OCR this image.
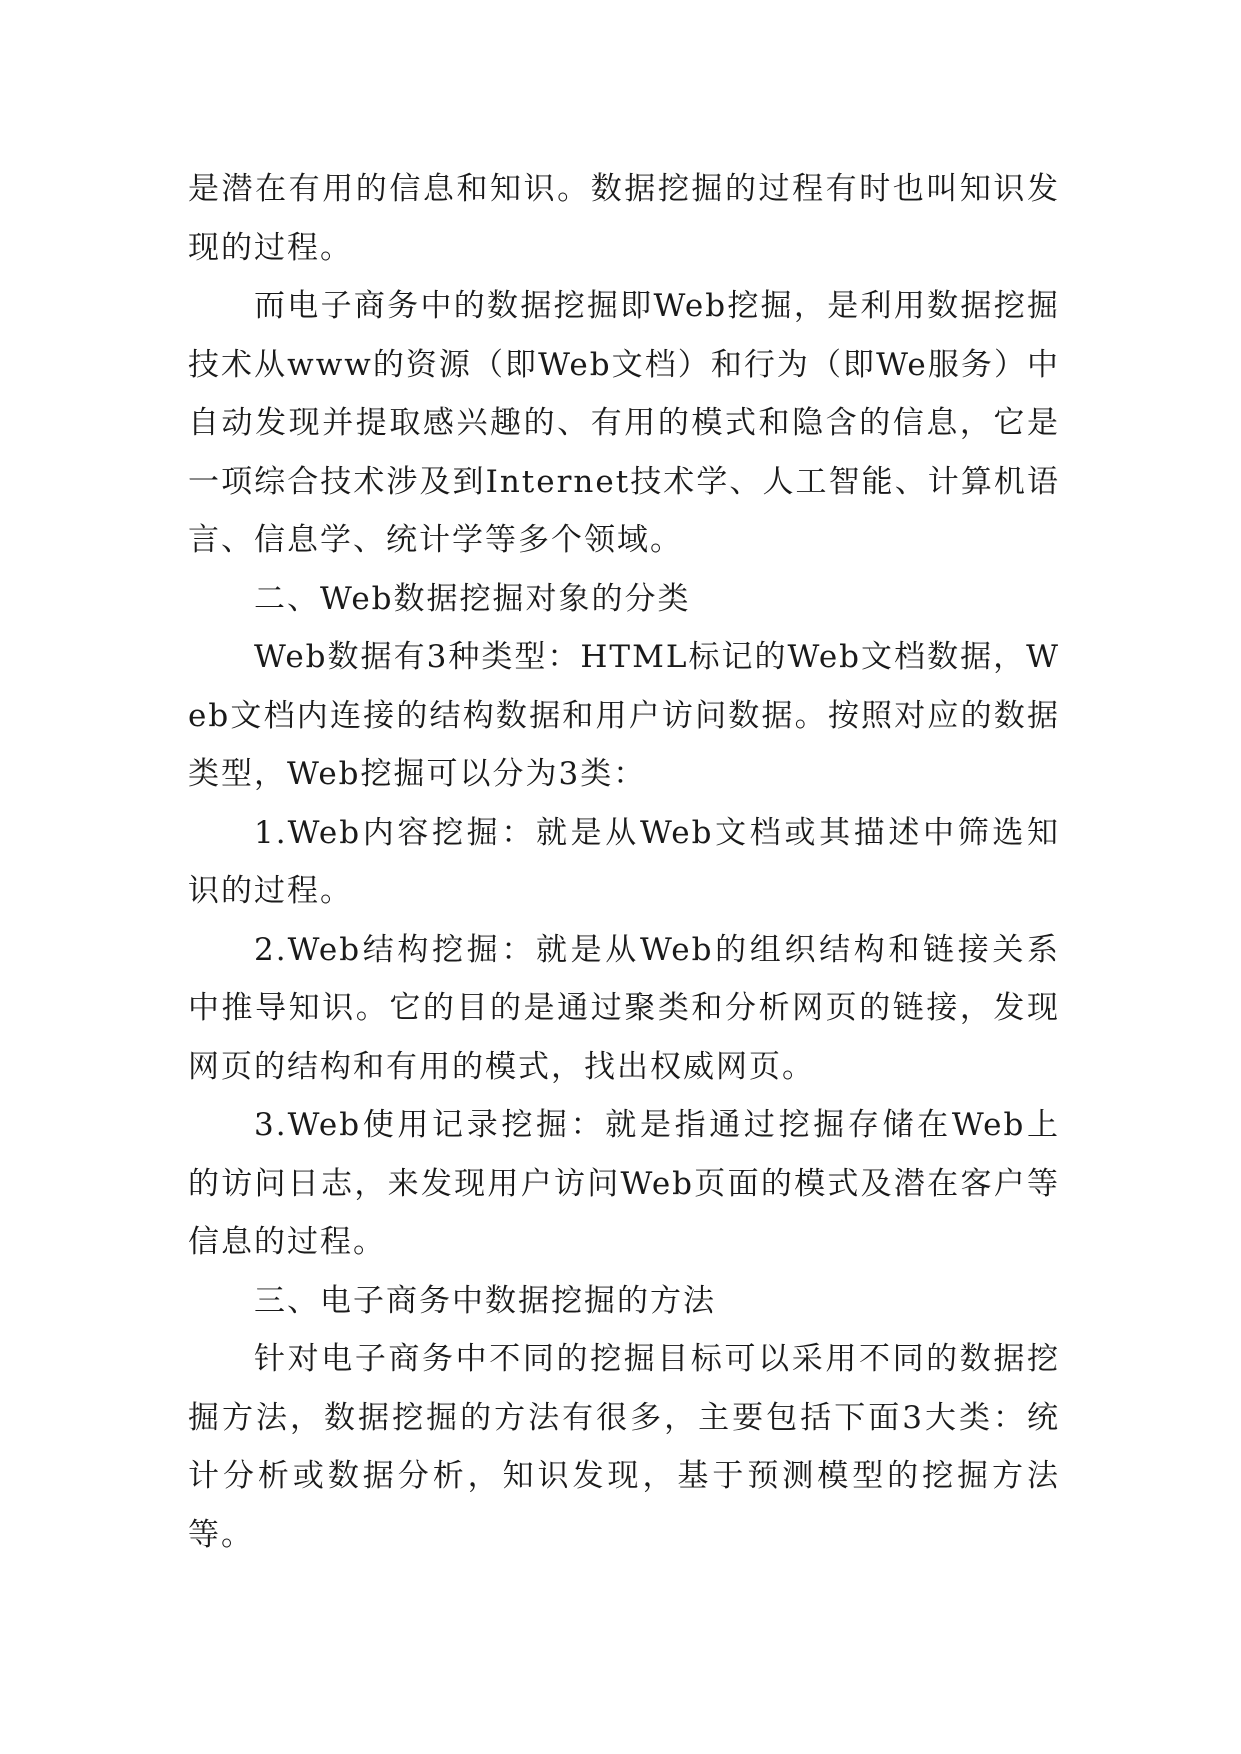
是潜在有用的信息和知识。数据挖掘的过程有时也叫知识发现的过程。

而电子商务中的数据挖掘即Web挖掘，是利用数据挖掘技术从www的资源（即Web文档）和行为（即We服务）中自动发现并提取感兴趣的、有用的模式和隐含的信息，它是一项综合技术涉及到Internet技术学、人工智能、计算机语言、信息学、统计学等多个领域。

二、Web数据挖掘对象的分类

Web数据有3种类型：HTML标记的Web文档数据，Web文档内连接的结构数据和用户访问数据。按照对应的数据类型，Web挖掘可以分为3类：

1.Web内容挖掘：就是从Web文档或其描述中筛选知识的过程。

2.Web结构挖掘：就是从Web的组织结构和链接关系中推导知识。它的目的是通过聚类和分析网页的链接，发现网页的结构和有用的模式，找出权威网页。

3.Web使用记录挖掘：就是指通过挖掘存储在Web上的访问日志，来发现用户访问Web页面的模式及潜在客户等信息的过程。

三、电子商务中数据挖掘的方法

针对电子商务中不同的挖掘目标可以采用不同的数据挖掘方法，数据挖掘的方法有很多，主要包括下面3大类：统计分析或数据分析，知识发现，基于预测模型的挖掘方法等。
